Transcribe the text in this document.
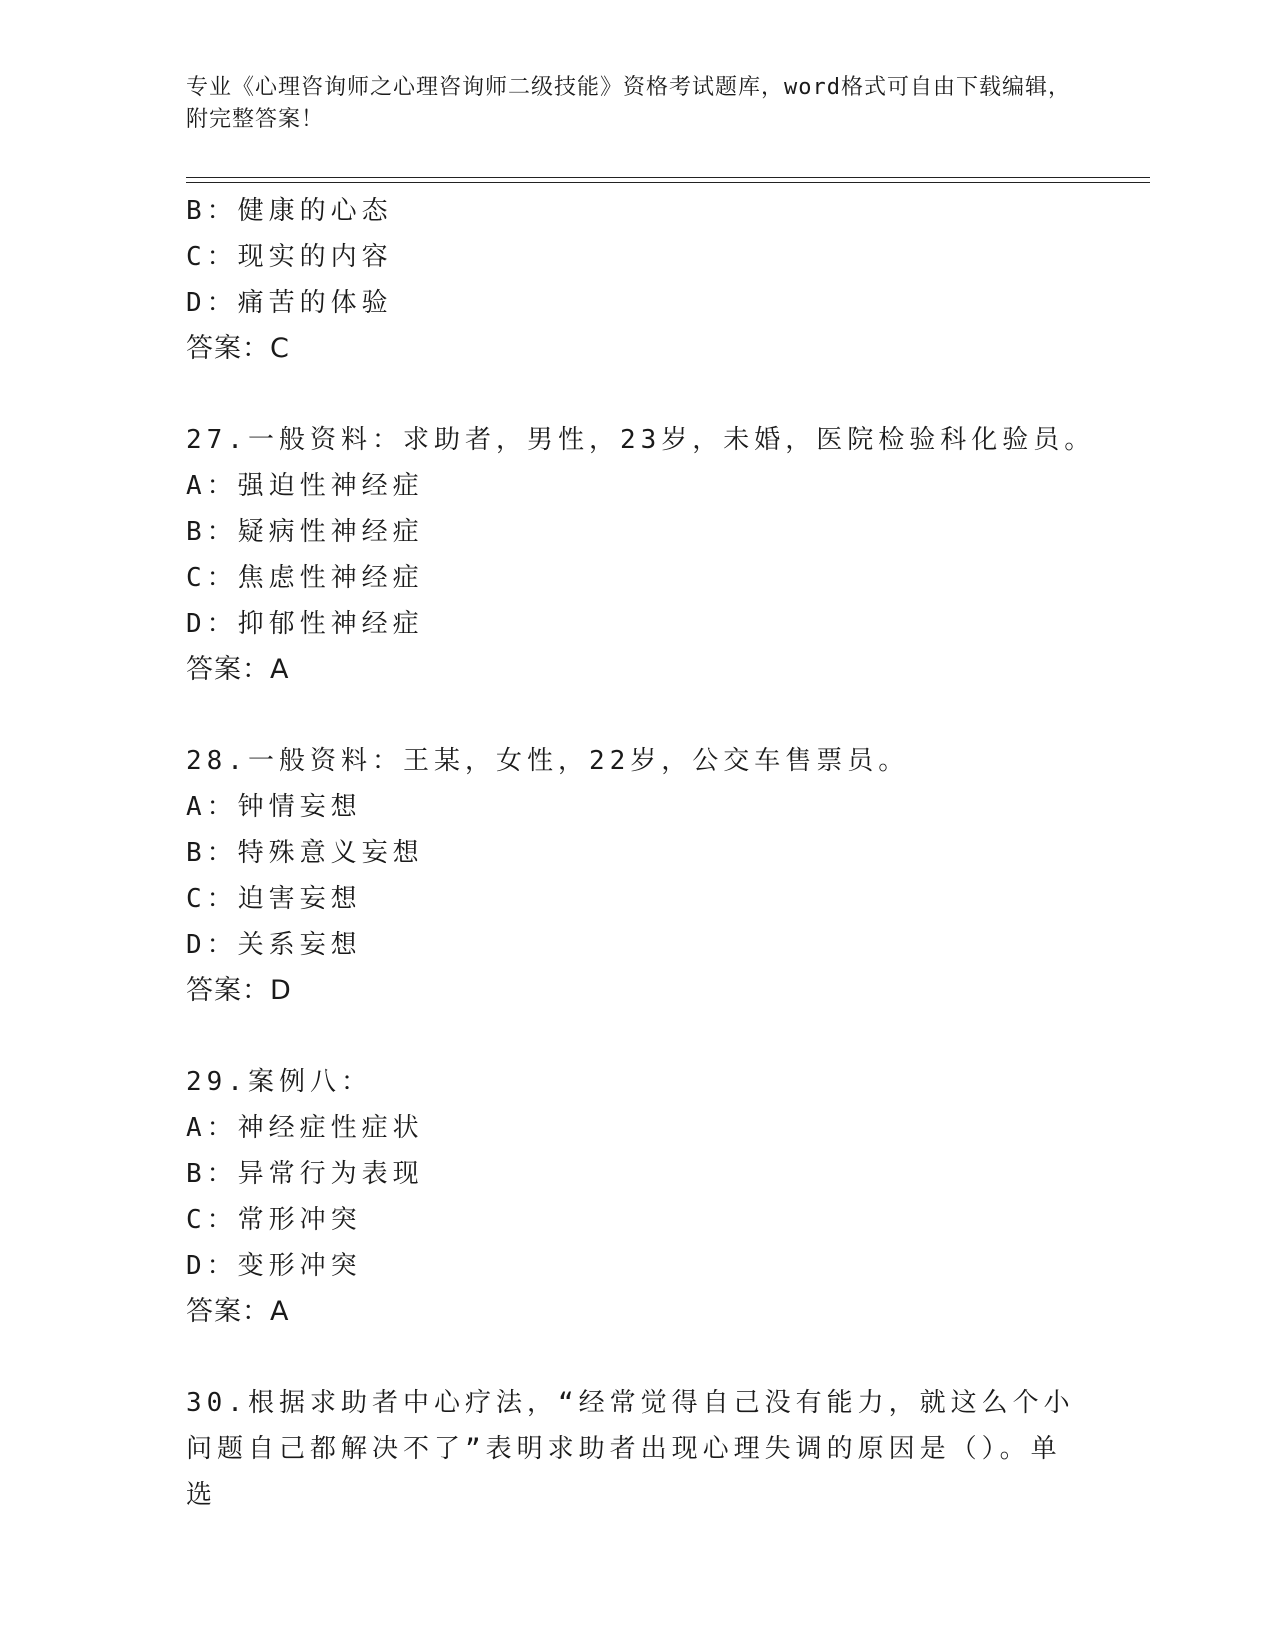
专业《心理咨询师之心理咨询师二级技能》资格考试题库，word格式可自由下载编辑，附完整答案！
B：健康的心态
C：现实的内容
D：痛苦的体验
答案：C
27.一般资料：求助者，男性，23岁，未婚，医院检验科化验员。
A：强迫性神经症
B：疑病性神经症
C：焦虑性神经症
D：抑郁性神经症
答案：A
28.一般资料：王某，女性，22岁，公交车售票员。
A：钟情妄想
B：特殊意义妄想
C：迫害妄想
D：关系妄想
答案：D
29.案例八：
A：神经症性症状
B：异常行为表现
C：常形冲突
D：变形冲突
答案：A
30.根据求助者中心疗法，“经常觉得自己没有能力，就这么个小问题自己都解决不了”表明求助者出现心理失调的原因是（）。单选
